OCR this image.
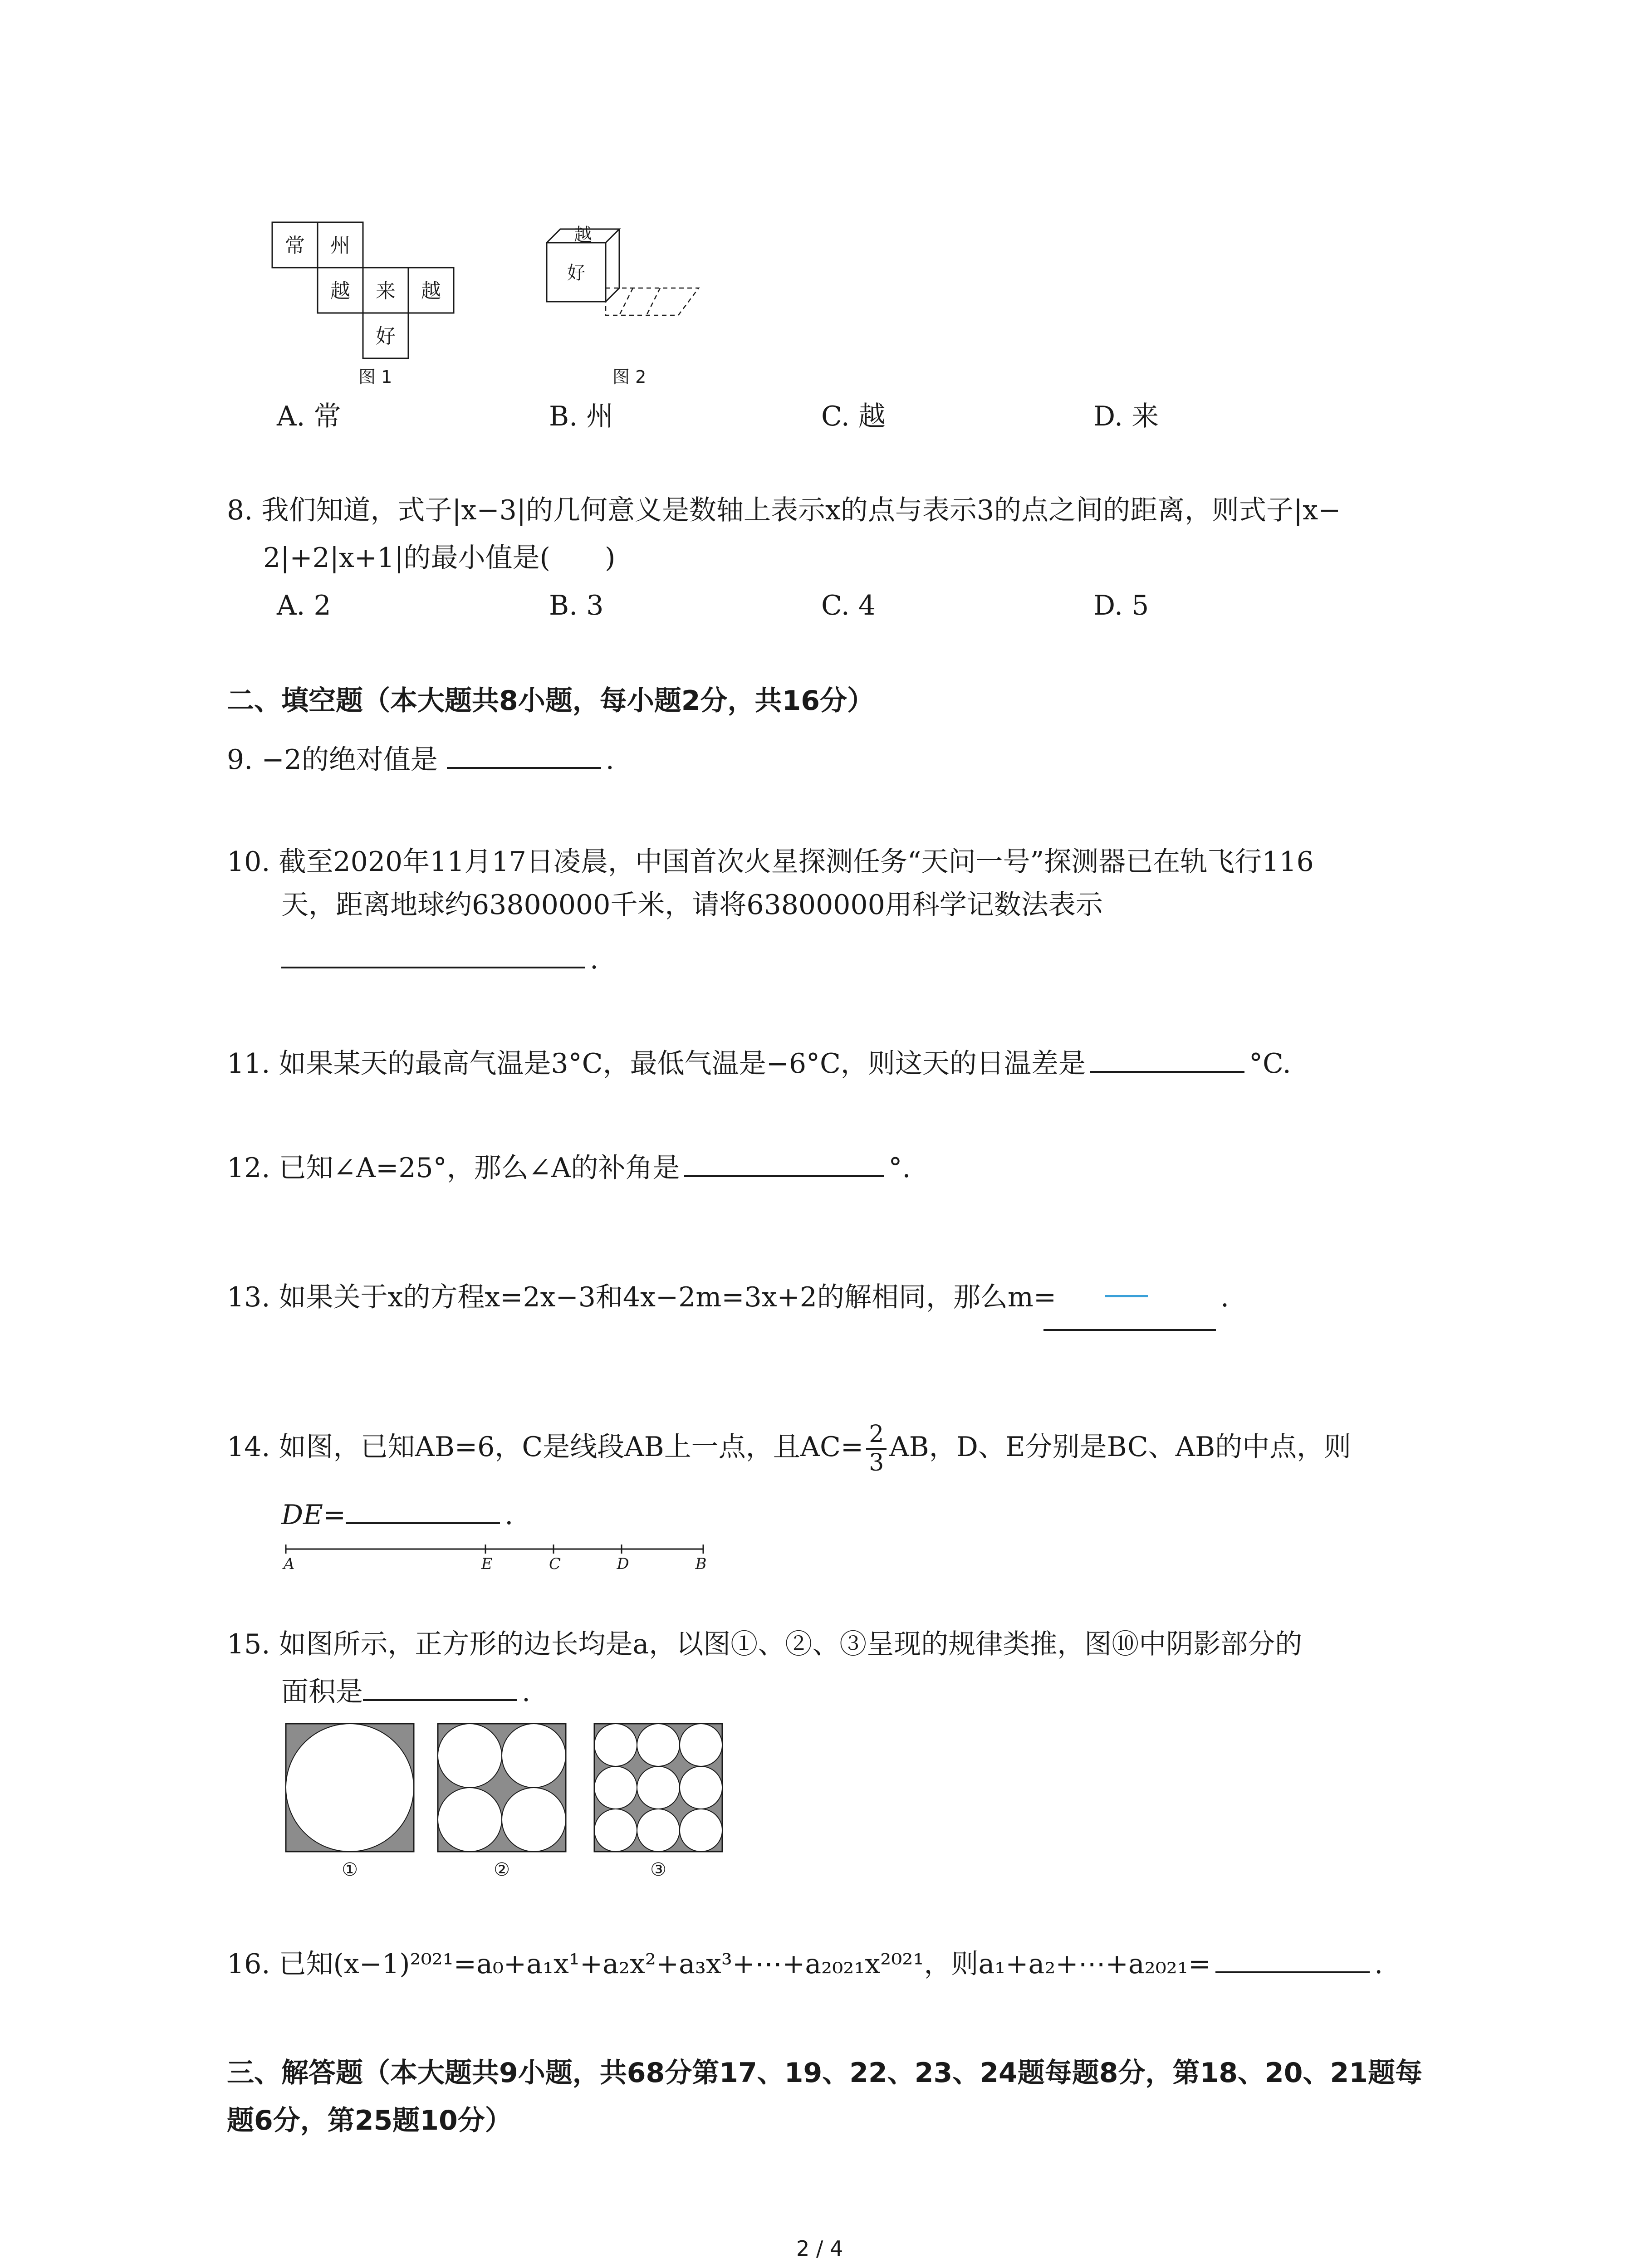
常 州
越 来 越
好
图 1
越
好
图 2
A. 常	B. 州	C. 越	D. 来
8. 我们知道，式子|x−3|的几何意义是数轴上表示x的点与表示3的点之间的距离，则式子|x−
2|+2|x+1|的最小值是(　　)
A. 2	B. 3	C. 4	D. 5
二、填空题（本大题共8小题，每小题2分，共16分）
9. −2的绝对值是	.
10. 截至2020年11月17日凌晨，中国首次火星探测任务“天问一号”探测器已在轨飞行116
天，距离地球约63800000千米，请将63800000用科学记数法表示
.
11. 如果某天的最高气温是3°C，最低气温是−6°C，则这天的日温差是	°C.
12. 已知∠A=25°，那么∠A的补角是	°.
13. 如果关于x的方程x=2x−3和4x−2m=3x+2的解相同，那么m=	.
14. 如图，已知AB=6，C是线段AB上一点，且$AC= \frac{2}{3}$ AB，D、E分别是BC、AB的中点，则
DE=	.
A	E	C	D	B
15. 如图所示，正方形的边长均是a，以图①、②、③呈现的规律类推，图⑩中阴影部分的
面积是	.
①	②	③
16. 已知(x−1)²⁰²¹=a₀+a₁x¹+a₂x²+a₃x³+⋯+a₂₀₂₁x²⁰²¹，则a₁+a₂+⋯+a₂₀₂₁=	.
三、解答题（本大题共9小题，共68分第17、19、22、23、24题每题8分，第18、20、21题每
题6分，第25题10分）
2 / 4
